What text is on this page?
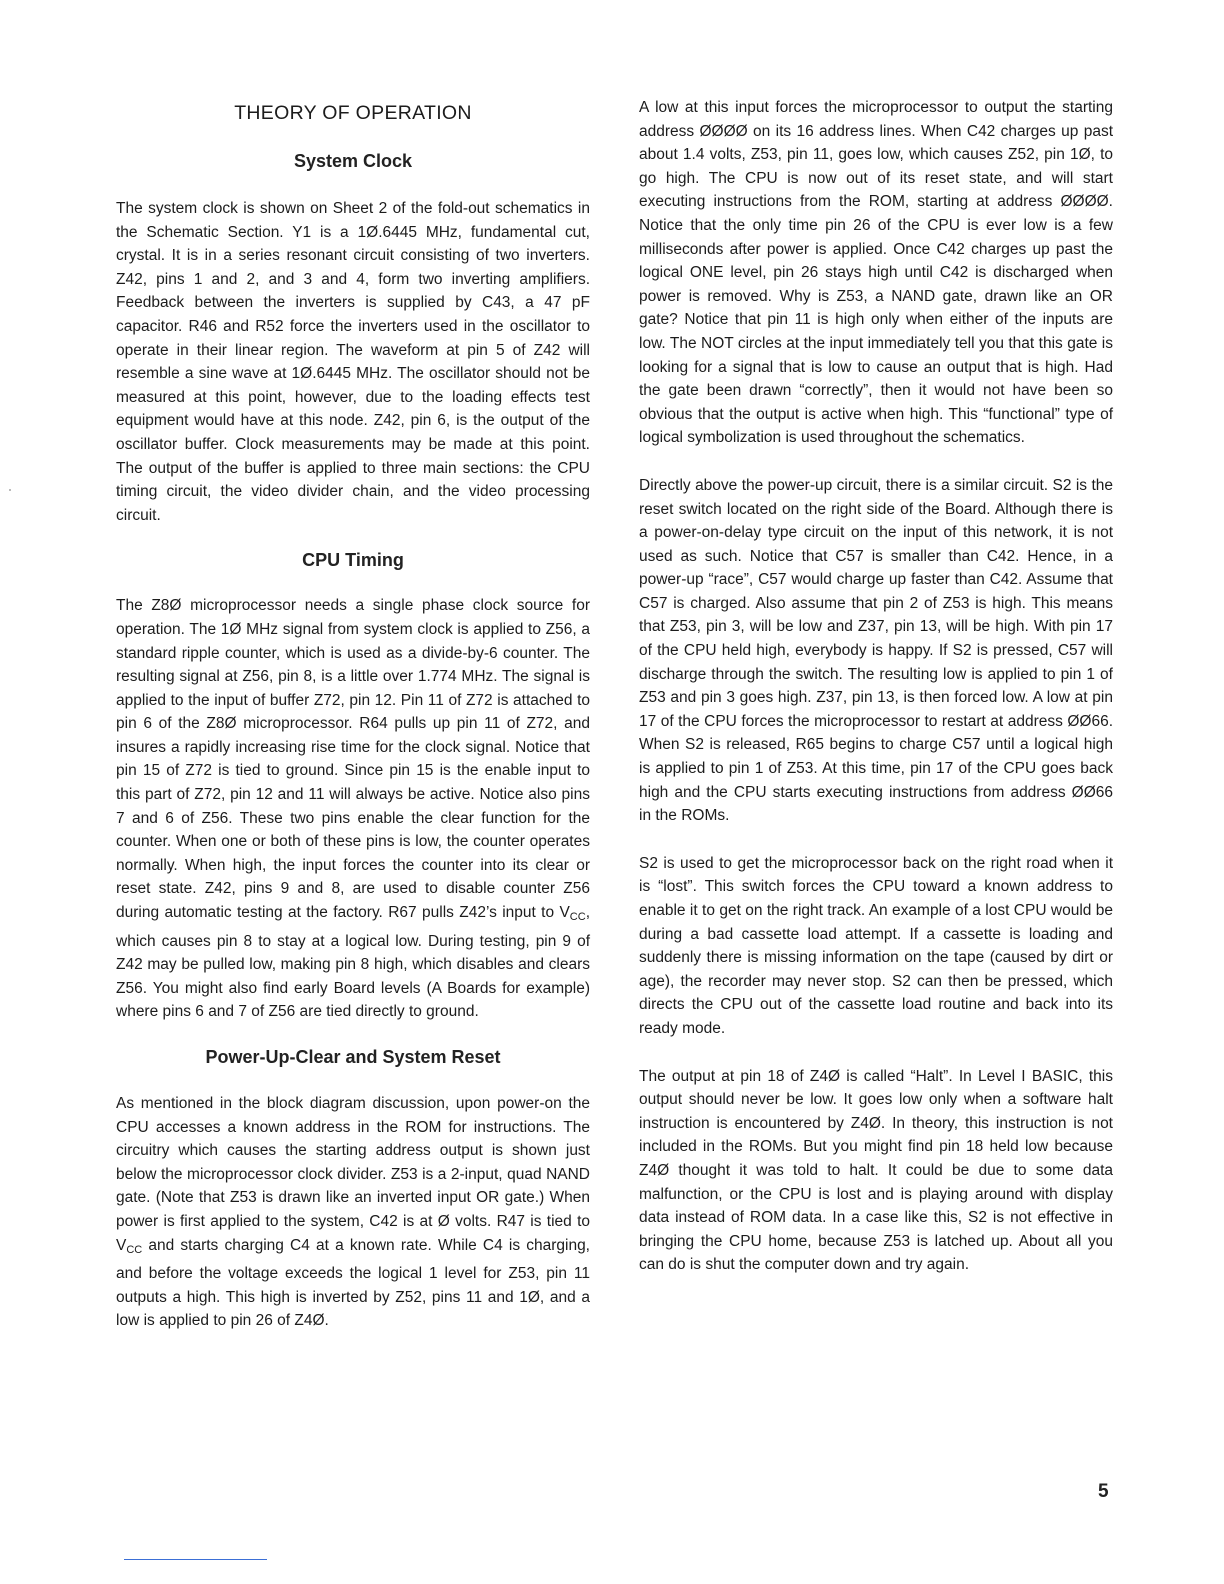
THEORY OF OPERATION
System Clock

The system clock is shown on Sheet 2 of the fold-out schematics in the Schematic Section. Y1 is a 1Ø.6445 MHz, fundamental cut, crystal. It is in a series resonant circuit consisting of two inverters. Z42, pins 1 and 2, and 3 and 4, form two inverting amplifiers. Feedback between the inverters is supplied by C43, a 47 pF capacitor. R46 and R52 force the inverters used in the oscillator to operate in their linear region. The waveform at pin 5 of Z42 will resemble a sine wave at 1Ø.6445 MHz. The oscillator should not be measured at this point, however, due to the loading effects test equipment would have at this node. Z42, pin 6, is the output of the oscillator buffer. Clock measurements may be made at this point. The output of the buffer is applied to three main sections: the CPU timing circuit, the video divider chain, and the video processing circuit.

CPU Timing

The Z8Ø microprocessor needs a single phase clock source for operation. The 1Ø MHz signal from system clock is applied to Z56, a standard ripple counter, which is used as a divide-by-6 counter. The resulting signal at Z56, pin 8, is a little over 1.774 MHz. The signal is applied to the input of buffer Z72, pin 12. Pin 11 of Z72 is attached to pin 6 of the Z8Ø microprocessor. R64 pulls up pin 11 of Z72, and insures a rapidly increasing rise time for the clock signal. Notice that pin 15 of Z72 is tied to ground. Since pin 15 is the enable input to this part of Z72, pin 12 and 11 will always be active. Notice also pins 7 and 6 of Z56. These two pins enable the clear function for the counter. When one or both of these pins is low, the counter operates normally. When high, the input forces the counter into its clear or reset state. Z42, pins 9 and 8, are used to disable counter Z56 during automatic testing at the factory. R67 pulls Z42’s input to $V_{CC}$, which causes pin 8 to stay at a logical low. During testing, pin 9 of Z42 may be pulled low, making pin 8 high, which disables and clears Z56. You might also find early Board levels (A Boards for example) where pins 6 and 7 of Z56 are tied directly to ground.

Power-Up-Clear and System Reset

As mentioned in the block diagram discussion, upon power-on the CPU accesses a known address in the ROM for instructions. The circuitry which causes the starting address output is shown just below the microprocessor clock divider. Z53 is a 2-input, quad NAND gate. (Note that Z53 is drawn like an inverted input OR gate.) When power is first applied to the system, C42 is at Ø volts. R47 is tied to $V_{CC}$ and starts charging C4 at a known rate. While C4 is charging, and before the voltage exceeds the logical 1 level for Z53, pin 11 outputs a high. This high is inverted by Z52, pins 11 and 1Ø, and a low is applied to pin 26 of Z4Ø.

A low at this input forces the microprocessor to output the starting address ØØØØ on its 16 address lines. When C42 charges up past about 1.4 volts, Z53, pin 11, goes low, which causes Z52, pin 1Ø, to go high. The CPU is now out of its reset state, and will start executing instructions from the ROM, starting at address ØØØØ. Notice that the only time pin 26 of the CPU is ever low is a few milliseconds after power is applied. Once C42 charges up past the logical ONE level, pin 26 stays high until C42 is discharged when power is removed. Why is Z53, a NAND gate, drawn like an OR gate? Notice that pin 11 is high only when either of the inputs are low. The NOT circles at the input immediately tell you that this gate is looking for a signal that is low to cause an output that is high. Had the gate been drawn “correctly”, then it would not have been so obvious that the output is active when high. This “functional” type of logical symbolization is used throughout the schematics.

Directly above the power-up circuit, there is a similar circuit. S2 is the reset switch located on the right side of the Board. Although there is a power-on-delay type circuit on the input of this network, it is not used as such. Notice that C57 is smaller than C42. Hence, in a power-up “race”, C57 would charge up faster than C42. Assume that C57 is charged. Also assume that pin 2 of Z53 is high. This means that Z53, pin 3, will be low and Z37, pin 13, will be high. With pin 17 of the CPU held high, everybody is happy. If S2 is pressed, C57 will discharge through the switch. The resulting low is applied to pin 1 of Z53 and pin 3 goes high. Z37, pin 13, is then forced low. A low at pin 17 of the CPU forces the microprocessor to restart at address ØØ66. When S2 is released, R65 begins to charge C57 until a logical high is applied to pin 1 of Z53. At this time, pin 17 of the CPU goes back high and the CPU starts executing instructions from address ØØ66 in the ROMs.

S2 is used to get the microprocessor back on the right road when it is “lost”. This switch forces the CPU toward a known address to enable it to get on the right track. An example of a lost CPU would be during a bad cassette load attempt. If a cassette is loading and suddenly there is missing information on the tape (caused by dirt or age), the recorder may never stop. S2 can then be pressed, which directs the CPU out of the cassette load routine and back into its ready mode.

The output at pin 18 of Z4Ø is called “Halt”. In Level I BASIC, this output should never be low. It goes low only when a software halt instruction is encountered by Z4Ø. In theory, this instruction is not included in the ROMs. But you might find pin 18 held low because Z4Ø thought it was told to halt. It could be due to some data malfunction, or the CPU is lost and is playing around with display data instead of ROM data. In a case like this, S2 is not effective in bringing the CPU home, because Z53 is latched up. About all you can do is shut the computer down and try again.

5
